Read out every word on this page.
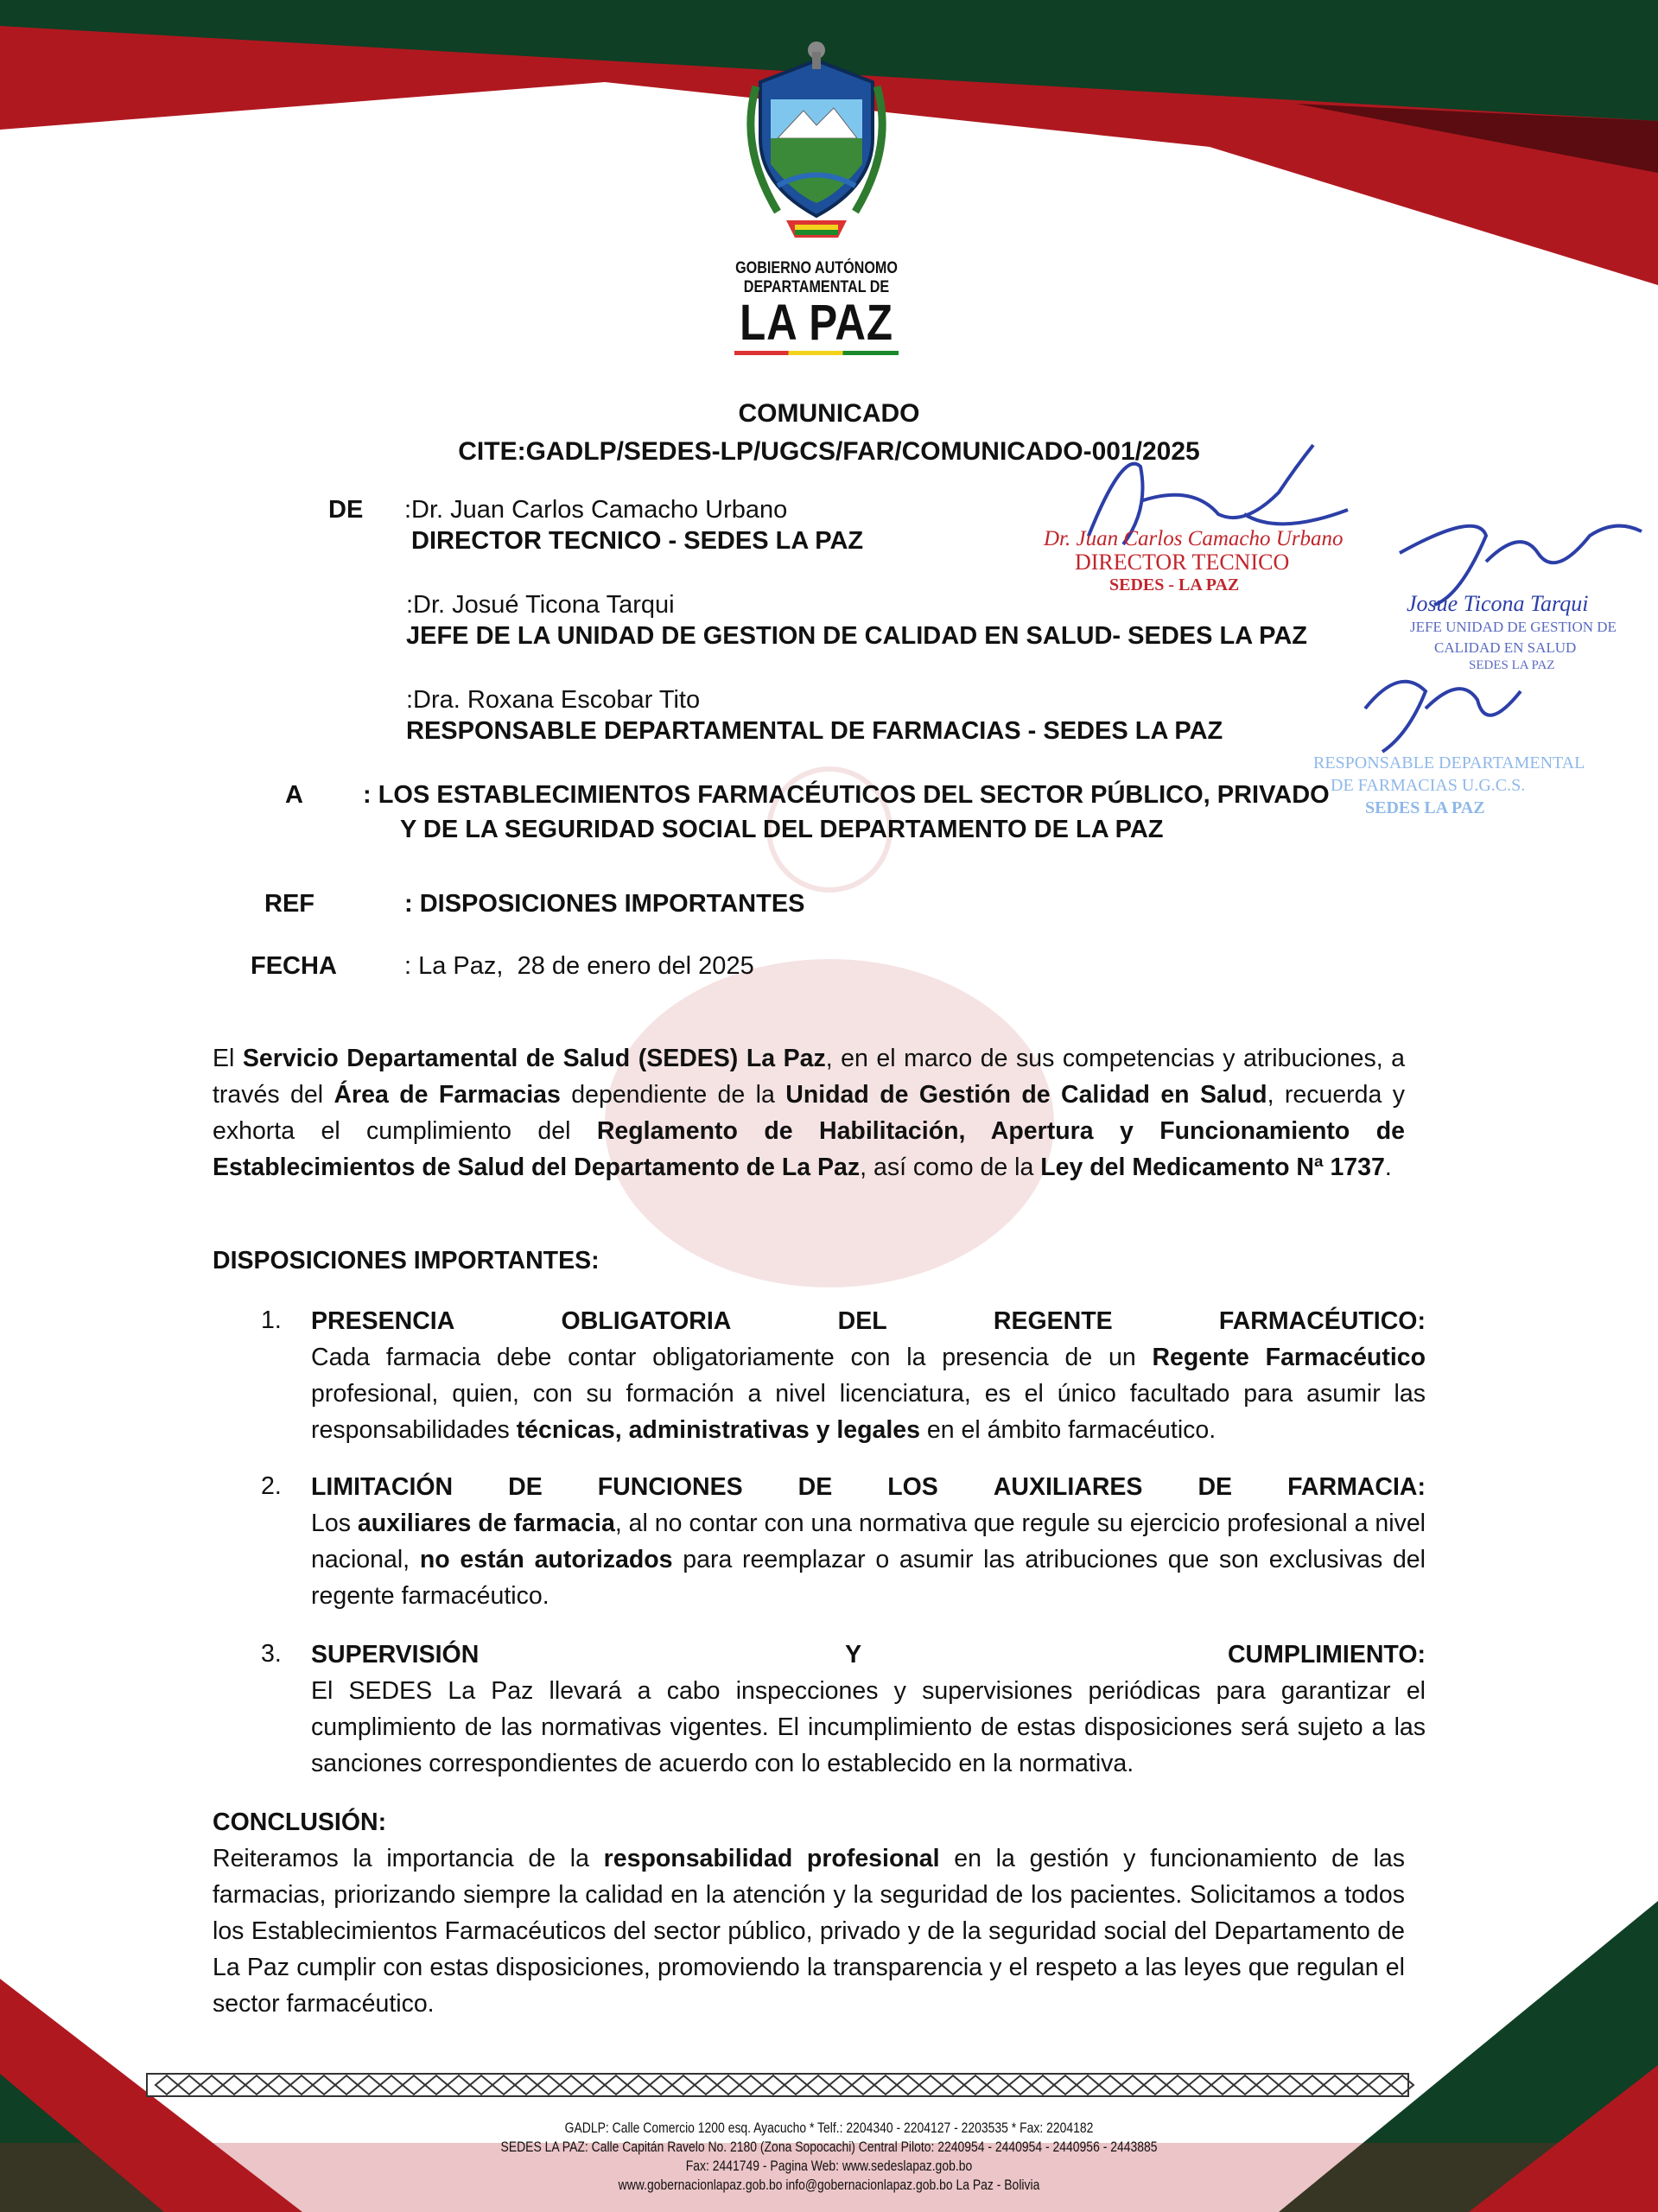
GOBIERNO AUTÓNOMO
DEPARTAMENTAL DE
LA PAZ
COMUNICADO
CITE:GADLP/SEDES-LP/UGCS/FAR/COMUNICADO-001/2025
DE :Dr. Juan Carlos Camacho Urbano
DIRECTOR TECNICO - SEDES LA PAZ
:Dr. Josué Ticona Tarqui
JEFE DE LA UNIDAD DE GESTION DE CALIDAD EN SALUD- SEDES LA PAZ
:Dra. Roxana Escobar Tito
RESPONSABLE DEPARTAMENTAL DE FARMACIAS - SEDES LA PAZ
A : LOS ESTABLECIMIENTOS FARMACÉUTICOS DEL SECTOR PÚBLICO, PRIVADO
Y DE LA SEGURIDAD SOCIAL DEL DEPARTAMENTO DE LA PAZ
REF	: DISPOSICIONES IMPORTANTES
FECHA	: La Paz,  28 de enero del 2025
El Servicio Departamental de Salud (SEDES) La Paz, en el marco de sus competencias y atribuciones, a través del Área de Farmacias dependiente de la Unidad de Gestión de Calidad en Salud, recuerda y exhorta el cumplimiento del Reglamento de Habilitación, Apertura y Funcionamiento de Establecimientos de Salud del Departamento de La Paz, así como de la Ley del Medicamento Nª 1737.
DISPOSICIONES IMPORTANTES:
1. PRESENCIA	OBLIGATORIA	DEL	REGENTE	FARMACÉUTICO:
Cada farmacia debe contar obligatoriamente con la presencia de un Regente Farmacéutico profesional, quien, con su formación a nivel licenciatura, es el único facultado para asumir las responsabilidades técnicas, administrativas y legales en el ámbito farmacéutico.
2. LIMITACIÓN DE FUNCIONES DE LOS AUXILIARES DE FARMACIA:
Los auxiliares de farmacia, al no contar con una normativa que regule su ejercicio profesional a nivel nacional, no están autorizados para reemplazar o asumir las atribuciones que son exclusivas del regente farmacéutico.
3. SUPERVISIÓN	Y	CUMPLIMIENTO:
El SEDES La Paz llevará a cabo inspecciones y supervisiones periódicas para garantizar el cumplimiento de las normativas vigentes. El incumplimiento de estas disposiciones será sujeto a las sanciones correspondientes de acuerdo con lo establecido en la normativa.
CONCLUSIÓN:
Reiteramos la importancia de la responsabilidad profesional en la gestión y funcionamiento de las farmacias, priorizando siempre la calidad en la atención y la seguridad de los pacientes. Solicitamos a todos los Establecimientos Farmacéuticos del sector público, privado y de la seguridad social del Departamento de La Paz cumplir con estas disposiciones, promoviendo la transparencia y el respeto a las leyes que regulan el sector farmacéutico.
Dr. Juan Carlos Camacho Urbano
DIRECTOR TECNICO
SEDES - LA PAZ
Josue Ticona Tarqui
JEFE UNIDAD DE GESTION DE
CALIDAD EN SALUD
SEDES LA PAZ
RESPONSABLE DEPARTAMENTAL
DE FARMACIAS U.G.C.S.
SEDES LA PAZ
GADLP: Calle Comercio 1200 esq. Ayacucho * Telf.: 2204340 - 2204127 - 2203535 * Fax: 2204182
SEDES LA PAZ: Calle Capitán Ravelo No. 2180 (Zona Sopocachi) Central Piloto: 2240954 - 2440954 - 2440956 - 2443885
Fax: 2441749 - Pagina Web: www.sedeslapaz.gob.bo
www.gobernacionlapaz.gob.bo info@gobernacionlapaz.gob.bo La Paz - Bolivia
